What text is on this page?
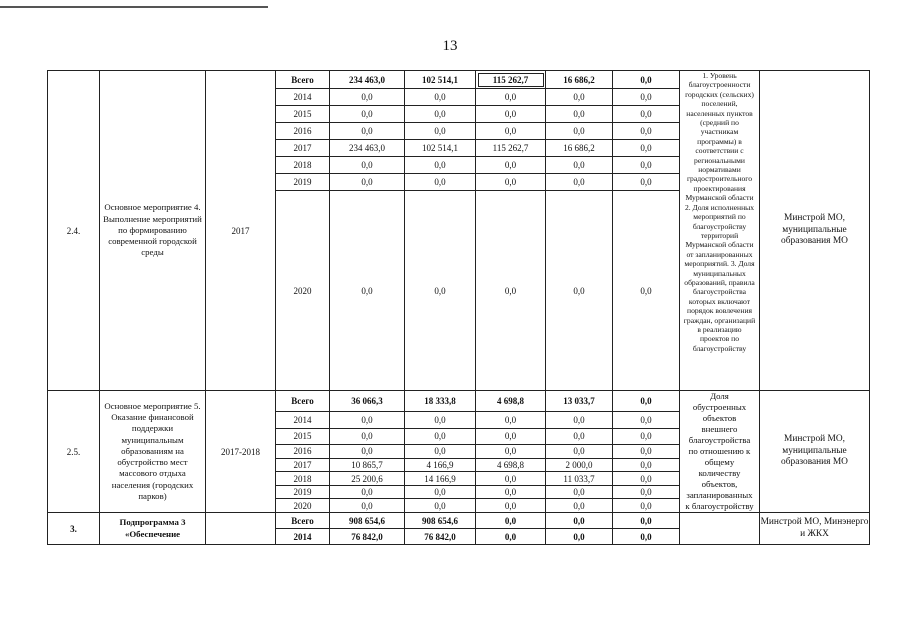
13
2.4.	Основное мероприятие 4. Выполнение мероприятий по формированию современной городской среды	2017	Всего	234 463,0	102 514,1	115 262,7	16 686,2	0,0	1. Уровень благоустроенности городских (сельских) поселений, населенных пунктов (средний по участникам программы) в соответствии с региональными нормативами градостроительного проектирования Мурманской области 2. Доля исполненных мероприятий по благоустройству территорий Мурманской области от запланированных мероприятий. 3. Доля муниципальных образований, правила благоустройства которых включают порядок вовлечения граждан, организаций в реализацию проектов по благоустройству	Минстрой МО, муниципальные образования МО
			2014	0,0	0,0	0,0	0,0	0,0		
			2015	0,0	0,0	0,0	0,0	0,0		
			2016	0,0	0,0	0,0	0,0	0,0		
			2017	234 463,0	102 514,1	115 262,7	16 686,2	0,0		
			2018	0,0	0,0	0,0	0,0	0,0		
			2019	0,0	0,0	0,0	0,0	0,0		
			2020	0,0	0,0	0,0	0,0	0,0		
2.5.	Основное мероприятие 5. Оказание финансовой поддержки муниципальным образованиям на обустройство мест массового отдыха населения (городских парков)	2017-2018	Всего	36 066,3	18 333,8	4 698,8	13 033,7	0,0	Доля обустроенных объектов внешнего благоустройства по отношению к общему количеству объектов, запланированных к благоустройству	Минстрой МО, муниципальные образования МО
			2014	0,0	0,0	0,0	0,0	0,0		
			2015	0,0	0,0	0,0	0,0	0,0		
			2016	0,0	0,0	0,0	0,0	0,0		
			2017	10 865,7	4 166,9	4 698,8	2 000,0	0,0		
			2018	25 200,6	14 166,9	0,0	11 033,7	0,0		
			2019	0,0	0,0	0,0	0,0	0,0		
			2020	0,0	0,0	0,0	0,0	0,0		
3.	Подпрограмма 3 «Обеспечение		Всего	908 654,6	908 654,6	0,0	0,0	0,0		Минстрой МО, Минэнерго и ЖКХ
			2014	76 842,0	76 842,0	0,0	0,0	0,0		
